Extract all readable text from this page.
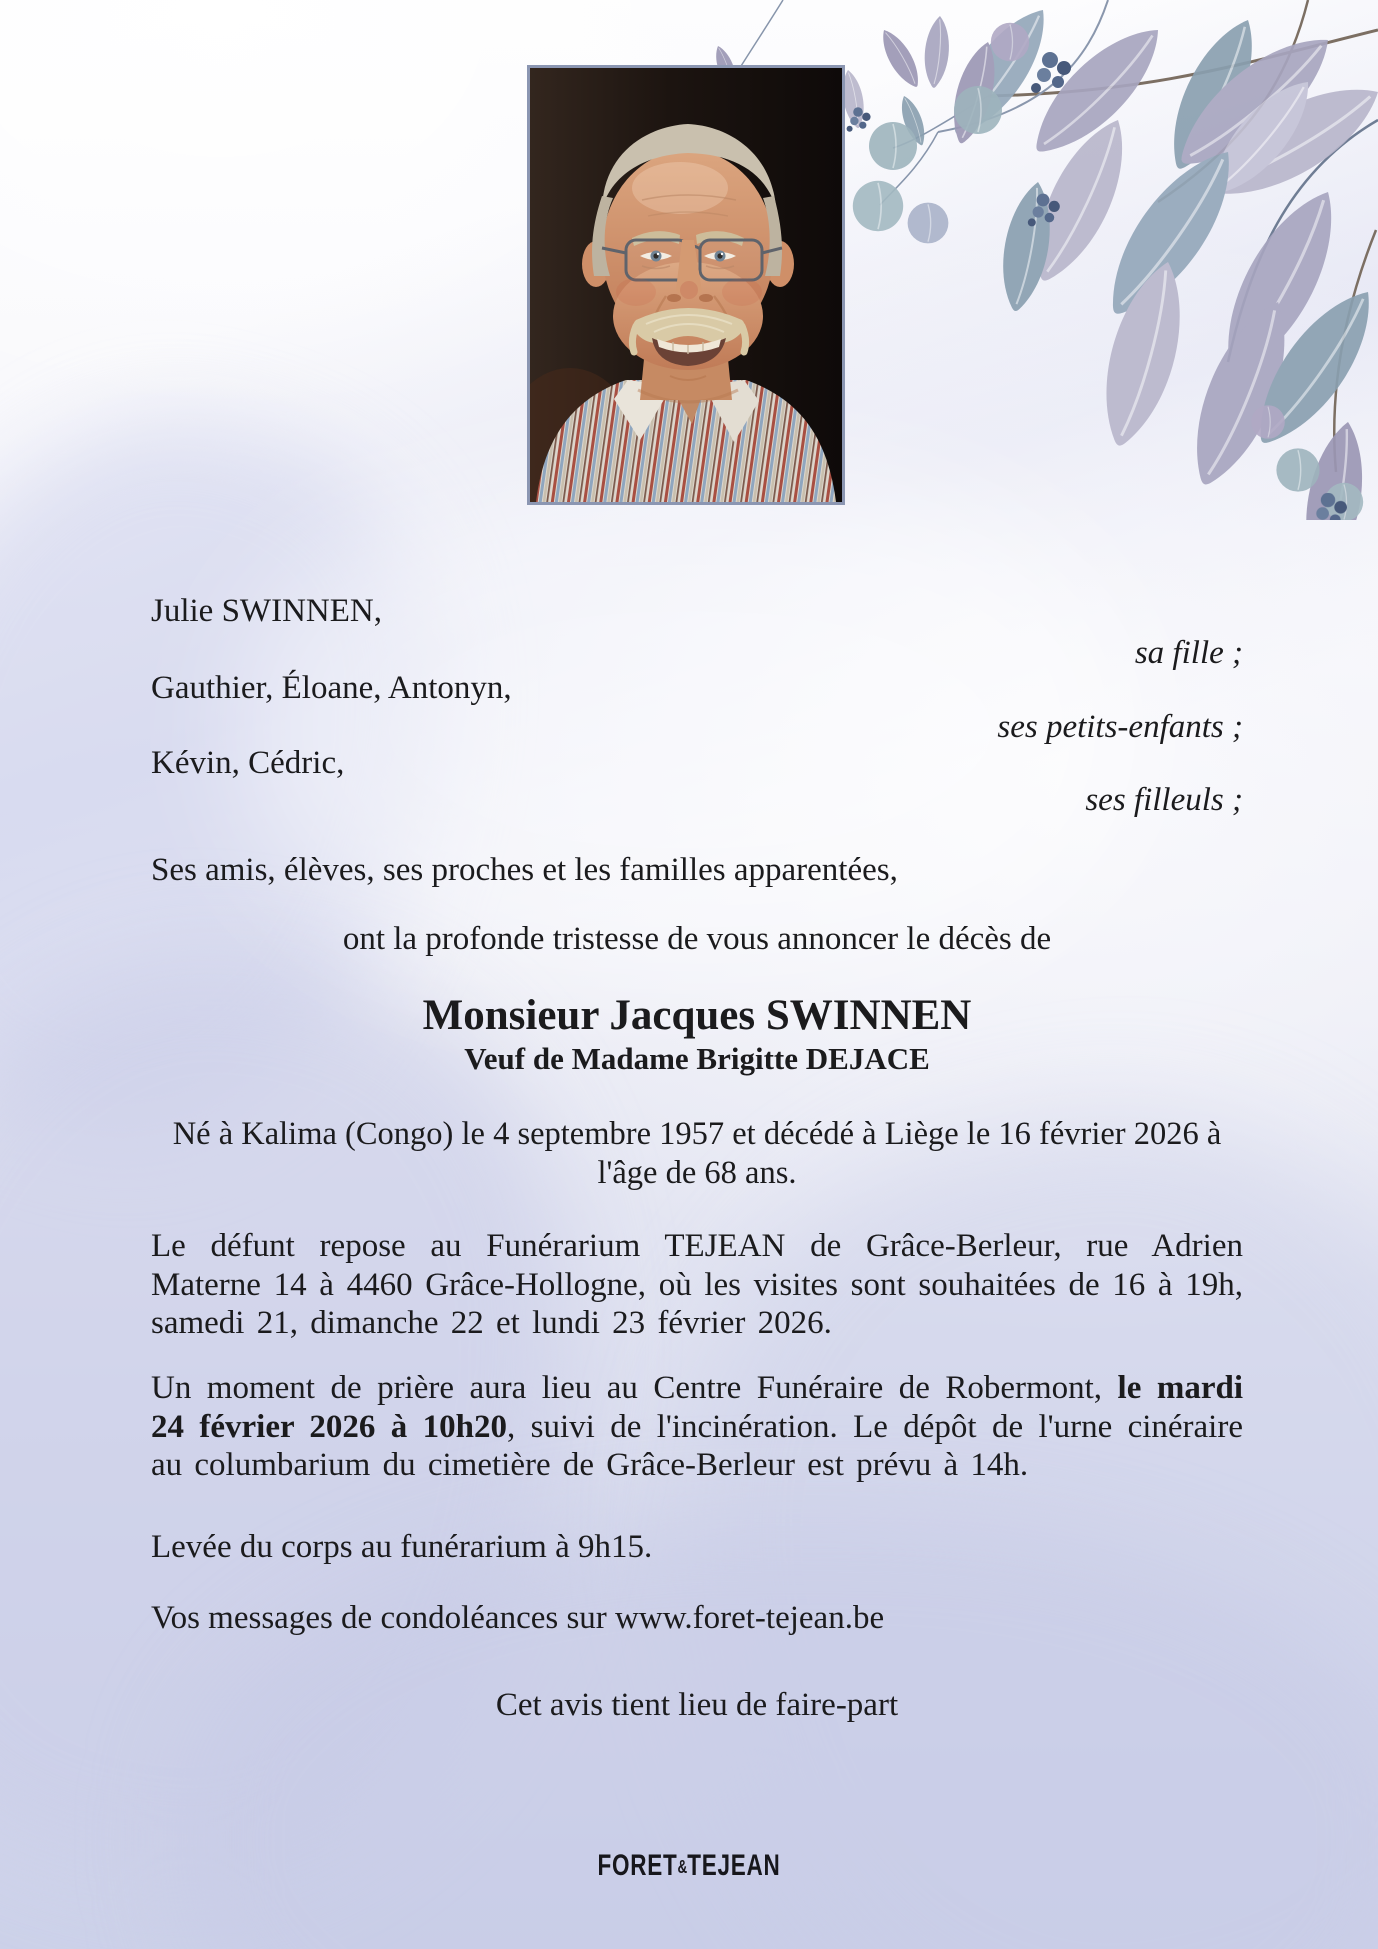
Julie SWINNEN,
sa fille ;
Gauthier, Éloane, Antonyn,
ses petits-enfants ;
Kévin, Cédric,
ses filleuls ;
Ses amis, élèves, ses proches et les familles apparentées,
ont la profonde tristesse de vous annoncer le décès de
Monsieur Jacques SWINNEN
Veuf de Madame Brigitte DEJACE
Né à Kalima (Congo) le 4 septembre 1957 et décédé à Liège le 16 février 2026 à l'âge de 68 ans.
Le défunt repose au Funérarium TEJEAN de Grâce-Berleur, rue Adrien Materne 14 à 4460 Grâce-Hollogne, où les visites sont souhaitées de 16 à 19h, samedi 21, dimanche 22 et lundi 23 février 2026.
Un moment de prière aura lieu au Centre Funéraire de Robermont, le mardi 24 février 2026 à 10h20, suivi de l'incinération. Le dépôt de l'urne cinéraire au columbarium du cimetière de Grâce-Berleur est prévu à 14h.
Levée du corps au funérarium à 9h15.
Vos messages de condoléances sur www.foret-tejean.be
Cet avis tient lieu de faire-part
FORET&TEJEAN
